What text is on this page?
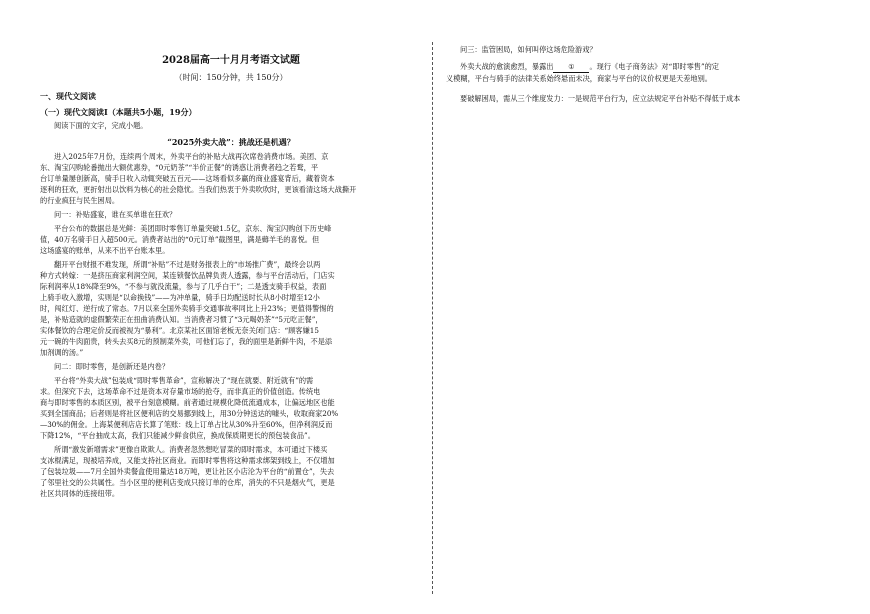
2028届高一十月月考语文试题
（时间：150分钟，共 150分）
一、现代文阅读
（一）现代文阅读Ⅰ（本题共5小题，19分）
阅读下面的文字，完成小题。
“2025外卖大战”：挑战还是机遇？
进入2025年7月份，连续两个周末，外卖平台的补贴大战再次席卷消费市场。美团、京
东、淘宝闪购轮番抛出大额优惠券，“0元奶茶”“半价正餐”的诱惑让消费者趋之若鹜，平
台订单量屡创新高，骑手日收入动辄突破五百元——这场看似多赢的商业盛宴背后，藏着资本
逐利的狂欢，更折射出以饮料为核心的社会隐忧。当我们热衷于外卖吹吹时，更该看清这场大战撕开
的行业疯狂与民生困局。
问一：补贴盛宴，谁在买单谁在狂欢？
平台公布的数据总是光鲜：美团即时零售订单量突破1.5亿，京东、淘宝闪购创下历史峰
值，40万名骑手日入超500元。消费者站出的“0元订单”截图里，满是薅羊毛的喜悦。但
这场盛宴的账单，从来不出平台账本里。
翻开平台财报不难发现，所谓“补贴”不过是财务报表上的“市场推广费”，最终会以两
种方式转嫁：一是挤压商家利润空间，某连锁餐饮品牌负责人透露，参与平台活动后，门店实
际利润率从18%降至9%，“不参与就没流量，参与了几乎白干”；二是透支骑手权益，表面
上骑手收入激增，实则是“以命换钱”——为冲单量，骑手日均配送时长从8小时增至12小
时，闯红灯、逆行成了常态。7月以来全国外卖骑手交通事故率同比上升23%；更值得警惕的
是，补贴造就的虚假繁荣正在扭曲消费认知。当消费者习惯了“3元喝奶茶”“5元吃正餐”，
实体餐饮的合理定价反而被视为“暴利”。北京某社区面馆老板无奈关闭门店：“顾客嫌15
元一碗的牛肉面贵，转头去买8元的预制菜外卖，可他们忘了，我的面里是新鲜牛肉，不是添
加剂调的汤。”
问二：即时零售，是创新还是内卷？
平台将“外卖大战”包装成“即时零售革命”，宣称解决了“现在就要、附近就有”的需
求。但深究下去，这场革命不过是资本对存量市场的抢夺，而非真正的价值创造。传统电
商与即时零售的本质区别，被平台刻意模糊。前者通过规模化降低流通成本，让偏远地区也能
买到全国商品；后者则是将社区便利店的交易挪到线上，用30分钟送达的噱头，收取商家20%
—30%的佣金。上海某便利店店长算了笔账：线上订单占比从30%升至60%，但净利润反而
下降12%，“平台抽成太高，我们只能减少鲜食供应，换成保质期更长的预包装食品”。
所谓“激发新增需求”更像自欺欺人。消费者忽然想吃冒菜的即时需求，本可通过下楼买
支冰棍满足，现被培养成，又能支持社区商业。而即时零售将这种需求绑架到线上，不仅增加
了包装垃圾——7月全国外卖餐盒使用量达18万吨，更让社区小店沦为平台的“前置仓”，失去
了邻里社交的公共属性。当小区里的便利店变成只接订单的仓库，消失的不只是烟火气，更是
社区共同体的连接纽带。
问三：监管困局，如何叫停这场危险游戏？
外卖大战的愈演愈烈，暴露出 ① 。现行《电子商务法》对“即时零售”的定
义模糊，平台与骑手的法律关系始终悬而未决，商家与平台的议价权更是天差地别。
要破解困局，需从三个维度发力：一是规范平台行为，应立法规定平台补贴不得低于成本
